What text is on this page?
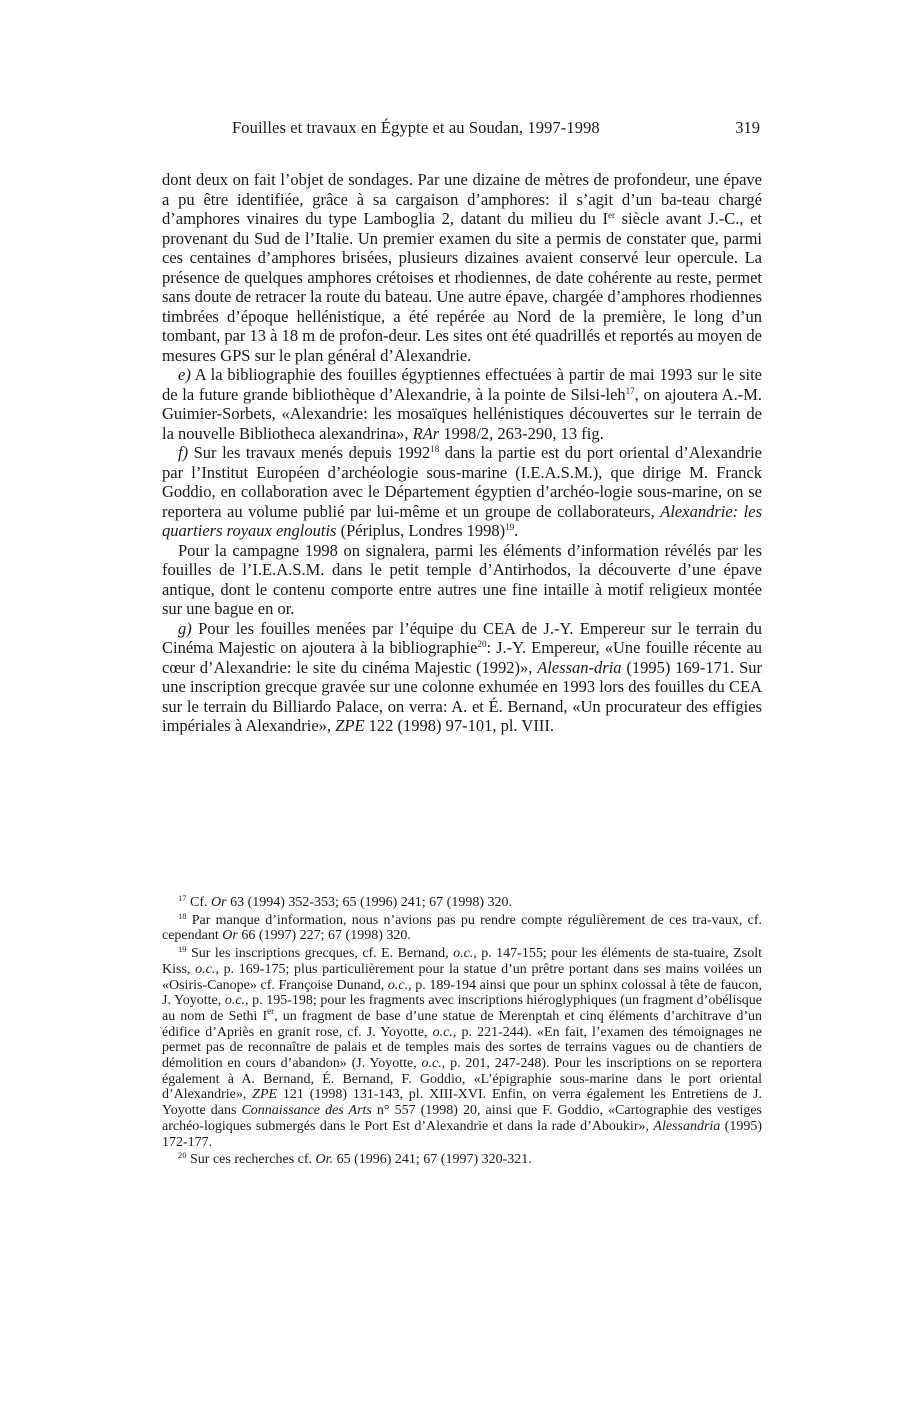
Fouilles et travaux en Égypte et au Soudan, 1997-1998	319

dont deux on fait l’objet de sondages. Par une dizaine de mètres de profondeur, une épave a pu être identifiée, grâce à sa cargaison d’amphores: il s’agit d’un ba-teau chargé d’amphores vinaires du type Lamboglia 2, datant du milieu du Ier siècle avant J.-C., et provenant du Sud de l’Italie. Un premier examen du site a permis de constater que, parmi ces centaines d’amphores brisées, plusieurs dizaines avaient conservé leur opercule. La présence de quelques amphores crétoises et rhodiennes, de date cohérente au reste, permet sans doute de retracer la route du bateau. Une autre épave, chargée d’amphores rhodiennes timbrées d’époque hellénistique, a été repérée au Nord de la première, le long d’un tombant, par 13 à 18 m de profon-deur. Les sites ont été quadrillés et reportés au moyen de mesures GPS sur le plan général d’Alexandrie.

e) A la bibliographie des fouilles égyptiennes effectuées à partir de mai 1993 sur le site de la future grande bibliothèque d’Alexandrie, à la pointe de Silsi-leh$^{17}$, on ajoutera A.-M. Guimier-Sorbets, «Alexandrie: les mosaïques hellénistiques découvertes sur le terrain de la nouvelle Bibliotheca alexandrina», RAr 1998/2, 263-290, 13 fig.

f) Sur les travaux menés depuis 1992$^{18}$ dans la partie est du port oriental d’Alexandrie par l’Institut Européen d’archéologie sous-marine (I.E.A.S.M.), que dirige M. Franck Goddio, en collaboration avec le Département égyptien d’archéo-logie sous-marine, on se reportera au volume publié par lui-même et un groupe de collaborateurs, Alexandrie: les quartiers royaux engloutis (Périplus, Londres 1998)$^{19}$.

Pour la campagne 1998 on signalera, parmi les éléments d’information révélés par les fouilles de l’I.E.A.S.M. dans le petit temple d’Antirhodos, la découverte d’une épave antique, dont le contenu comporte entre autres une fine intaille à motif religieux montée sur une bague en or.

g) Pour les fouilles menées par l’équipe du CEA de J.-Y. Empereur sur le terrain du Cinéma Majestic on ajoutera à la bibliographie$^{20}$: J.-Y. Empereur, «Une fouille récente au cœur d’Alexandrie: le site du cinéma Majestic (1992)», Alessan-dria (1995) 169-171. Sur une inscription grecque gravée sur une colonne exhumée en 1993 lors des fouilles du CEA sur le terrain du Billiardo Palace, on verra: A. et É. Bernand, «Un procurateur des effigies impériales à Alexandrie», ZPE 122 (1998) 97-101, pl. VIII.

$^{17}$ Cf. Or 63 (1994) 352-353; 65 (1996) 241; 67 (1998) 320.

$^{18}$ Par manque d’information, nous n’avions pas pu rendre compte régulièrement de ces tra-vaux, cf. cependant Or 66 (1997) 227; 67 (1998) 320.

$^{19}$ Sur les inscriptions grecques, cf. E. Bernand, o.c., p. 147-155; pour les éléments de sta-tuaire, Zsolt Kiss, o.c., p. 169-175; plus particulièrement pour la statue d’un prêtre portant dans ses mains voilées un «Osiris-Canope» cf. Françoise Dunand, o.c., p. 189-194 ainsi que pour un sphinx colossal à tête de faucon, J. Yoyotte, o.c., p. 195-198; pour les fragments avec inscriptions hiéroglyphiques (un fragment d’obélisque au nom de Sethi Ier, un fragment de base d’une statue de Merenptah et cinq éléments d’architrave d’un édifice d’Apriès en granit rose, cf. J. Yoyotte, o.c., p. 221-244). «En fait, l’examen des témoignages ne permet pas de reconnaître de palais et de temples mais des sortes de terrains vagues ou de chantiers de démolition en cours d’abandon» (J. Yoyotte, o.c., p. 201, 247-248). Pour les inscriptions on se reportera également à A. Bernand, É. Bernand, F. Goddio, «L’épigraphie sous-marine dans le port oriental d’Alexandrie», ZPE 121 (1998) 131-143, pl. XIII-XVI. Enfin, on verra également les Entretiens de J. Yoyotte dans Connaissance des Arts n° 557 (1998) 20, ainsi que F. Goddio, «Cartographie des vestiges archéo-logiques submergés dans le Port Est d’Alexandrie et dans la rade d’Aboukir», Alessandria (1995) 172-177.

$^{20}$ Sur ces recherches cf. Or. 65 (1996) 241; 67 (1997) 320-321.
